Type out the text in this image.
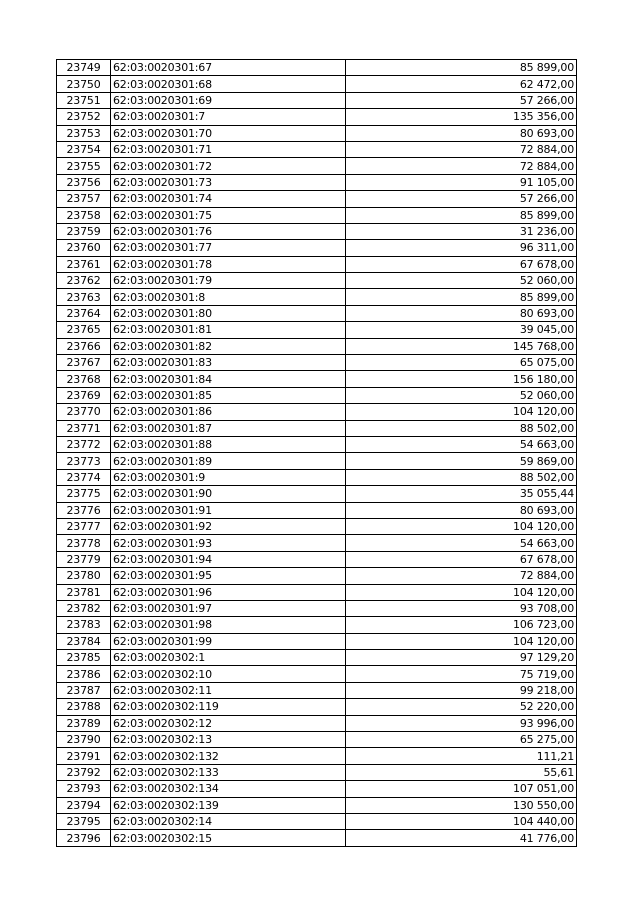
23749	62:03:0020301:67	85 899,00
23750	62:03:0020301:68	62 472,00
23751	62:03:0020301:69	57 266,00
23752	62:03:0020301:7	135 356,00
23753	62:03:0020301:70	80 693,00
23754	62:03:0020301:71	72 884,00
23755	62:03:0020301:72	72 884,00
23756	62:03:0020301:73	91 105,00
23757	62:03:0020301:74	57 266,00
23758	62:03:0020301:75	85 899,00
23759	62:03:0020301:76	31 236,00
23760	62:03:0020301:77	96 311,00
23761	62:03:0020301:78	67 678,00
23762	62:03:0020301:79	52 060,00
23763	62:03:0020301:8	85 899,00
23764	62:03:0020301:80	80 693,00
23765	62:03:0020301:81	39 045,00
23766	62:03:0020301:82	145 768,00
23767	62:03:0020301:83	65 075,00
23768	62:03:0020301:84	156 180,00
23769	62:03:0020301:85	52 060,00
23770	62:03:0020301:86	104 120,00
23771	62:03:0020301:87	88 502,00
23772	62:03:0020301:88	54 663,00
23773	62:03:0020301:89	59 869,00
23774	62:03:0020301:9	88 502,00
23775	62:03:0020301:90	35 055,44
23776	62:03:0020301:91	80 693,00
23777	62:03:0020301:92	104 120,00
23778	62:03:0020301:93	54 663,00
23779	62:03:0020301:94	67 678,00
23780	62:03:0020301:95	72 884,00
23781	62:03:0020301:96	104 120,00
23782	62:03:0020301:97	93 708,00
23783	62:03:0020301:98	106 723,00
23784	62:03:0020301:99	104 120,00
23785	62:03:0020302:1	97 129,20
23786	62:03:0020302:10	75 719,00
23787	62:03:0020302:11	99 218,00
23788	62:03:0020302:119	52 220,00
23789	62:03:0020302:12	93 996,00
23790	62:03:0020302:13	65 275,00
23791	62:03:0020302:132	111,21
23792	62:03:0020302:133	55,61
23793	62:03:0020302:134	107 051,00
23794	62:03:0020302:139	130 550,00
23795	62:03:0020302:14	104 440,00
23796	62:03:0020302:15	41 776,00
